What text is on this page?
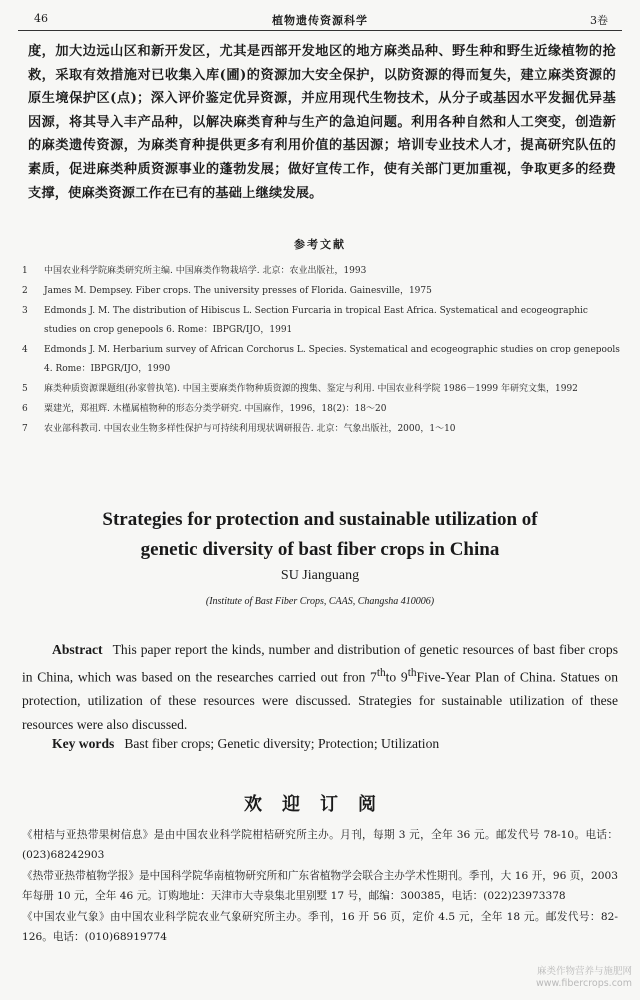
46	植物遗传资源科学	3卷
度，加大边远山区和新开发区，尤其是西部开发地区的地方麻类品种、野生种和野生近缘植物的抢救，采取有效措施对已收集入库(圃)的资源加大安全保护，以防资源的得而复失，建立麻类资源的原生境保护区(点)；深入评价鉴定优异资源，并应用现代生物技术，从分子或基因水平发掘优异基因源，将其导入丰产品种，以解决麻类育种与生产的急迫问题。利用各种自然和人工突变，创造新的麻类遗传资源，为麻类育种提供更多有利用价值的基因源；培训专业技术人才，提高研究队伍的素质，促进麻类种质资源事业的蓬勃发展；做好宣传工作，使有关部门更加重视，争取更多的经费支撑，使麻类资源工作在已有的基础上继续发展。
参考文献
1	中国农业科学院麻类研究所主编. 中国麻类作物栽培学. 北京：农业出版社，1993
2	James M. Dempsey. Fiber crops. The university presses of Florida. Gainesville，1975
3	Edmonds J. M. The distribution of Hibiscus L. Section Furcaria in tropical East Africa. Systematical and ecogeographic studies on crop genepools 6. Rome：IBPGR/IJO，1991
4	Edmonds J. M. Herbarium survey of African Corchorus L. Species. Systematical and ecogeographic studies on crop genepools 4. Rome：IBPGR/IJO，1990
5	麻类种质资源课题组(孙家曾执笔). 中国主要麻类作物种质资源的搜集、鉴定与利用. 中国农业科学院 1986－1999 年研究文集，1992
6	粟建光，郑祖辉. 木槿属植物种的形态分类学研究. 中国麻作，1996，18(2)：18～20
7	农业部科教司. 中国农业生物多样性保护与可持续利用现状调研报告. 北京：气象出版社，2000，1～10
Strategies for protection and sustainable utilization of
genetic diversity of bast fiber crops in China
SU Jianguang
(Institute of Bast Fiber Crops, CAAS, Changsha 410006)
Abstract This paper report the kinds, number and distribution of genetic resources of bast fiber crops in China, which was based on the researches carried out fron 7thto 9thFive-Year Plan of China. Statues on protection, utilization of these resources were discussed. Strategies for sustainable utilization of these resources were also discussed.
Key words Bast fiber crops; Genetic diversity; Protection; Utilization
欢迎订阅
《柑桔与亚热带果树信息》是由中国农业科学院柑桔研究所主办。月刊，每期 3 元，全年 36 元。邮发代号 78-10。电话：(023)68242903
《热带亚热带植物学报》是中国科学院华南植物研究所和广东省植物学会联合主办学术性期刊。季刊，大 16 开，96 页，2003 年每册 10 元，全年 46 元。订购地址：天津市大寺泉集北里别墅 17 号，邮编：300385，电话：(022)23973378
《中国农业气象》由中国农业科学院农业气象研究所主办。季刊，16 开 56 页，定价 4.5 元，全年 18 元。邮发代号：82-126。电话：(010)68919774
麻类作物营养与施肥网
www.fibercrops.com
